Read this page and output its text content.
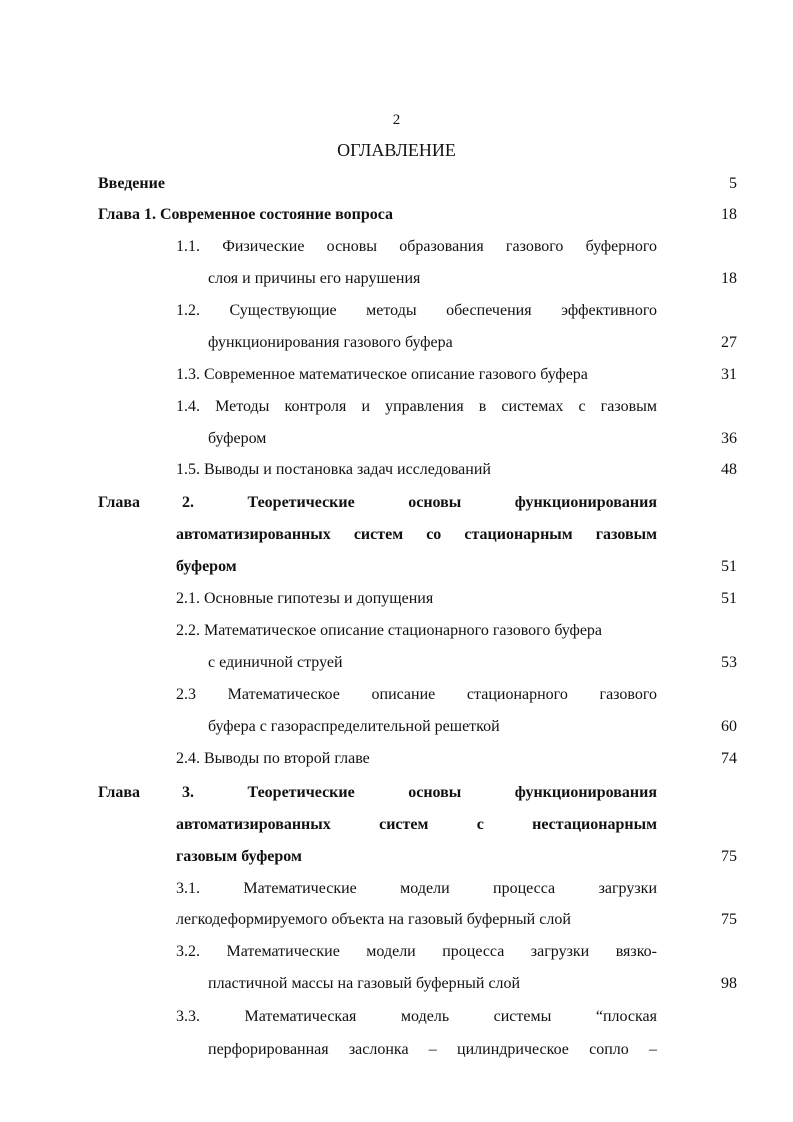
2
ОГЛАВЛЕНИЕ
Введение	5
Глава 1. Современное состояние вопроса	18
1.1. Физические основы образования газового буферного
слоя и причины его нарушения	18
1.2. Существующие методы обеспечения эффективного
функционирования газового буфера	27
1.3. Современное математическое описание газового буфера	31
1.4. Методы контроля и управления в системах с газовым
буфером	36
1.5. Выводы и постановка задач исследований	48
Глава	2. Теоретические основы функционирования
автоматизированных систем со стационарным газовым
буфером	51
2.1. Основные гипотезы и допущения	51
2.2. Математическое описание стационарного газового буфера
с единичной струей	53
2.3 Математическое описание стационарного газового
буфера с газораспределительной решеткой	60
2.4. Выводы по второй главе	74
Глава	3. Теоретические основы функционирования
автоматизированных систем с нестационарным
газовым буфером	75
3.1. Математические модели процесса загрузки
легкодеформируемого объекта на газовый буферный слой	75
3.2. Математические модели процесса загрузки вязко-
пластичной массы на газовый буферный слой	98
3.3. Математическая модель системы “плоская
перфорированная заслонка – цилиндрическое сопло –
